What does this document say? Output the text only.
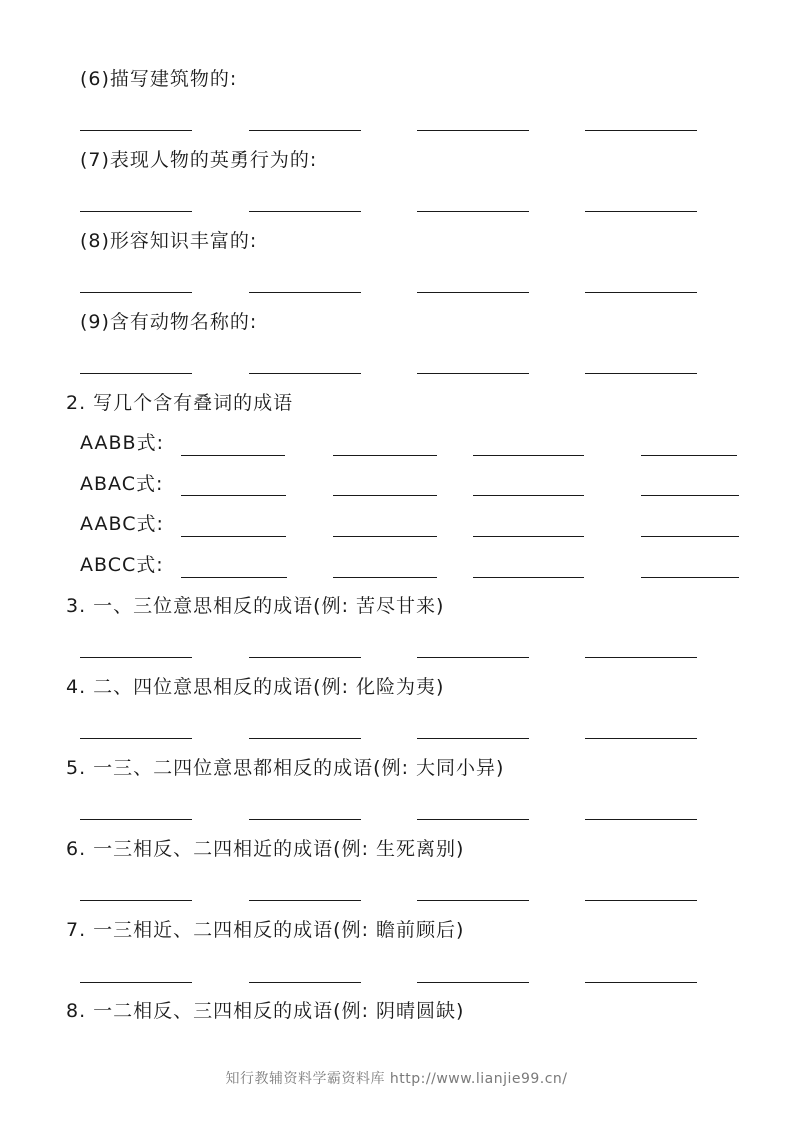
(6)描写建筑物的:
(7)表现人物的英勇行为的:
(8)形容知识丰富的:
(9)含有动物名称的:
2. 写几个含有叠词的成语
AABB式:
ABAC式:
AABC式:
ABCC式:
3. 一、三位意思相反的成语(例: 苦尽甘来)
4. 二、四位意思相反的成语(例: 化险为夷)
5. 一三、二四位意思都相反的成语(例: 大同小异)
6. 一三相反、二四相近的成语(例: 生死离别)
7. 一三相近、二四相反的成语(例: 瞻前顾后)
8. 一二相反、三四相反的成语(例: 阴晴圆缺)
知行教辅资料学霸资料库 http://www.lianjie99.cn/
